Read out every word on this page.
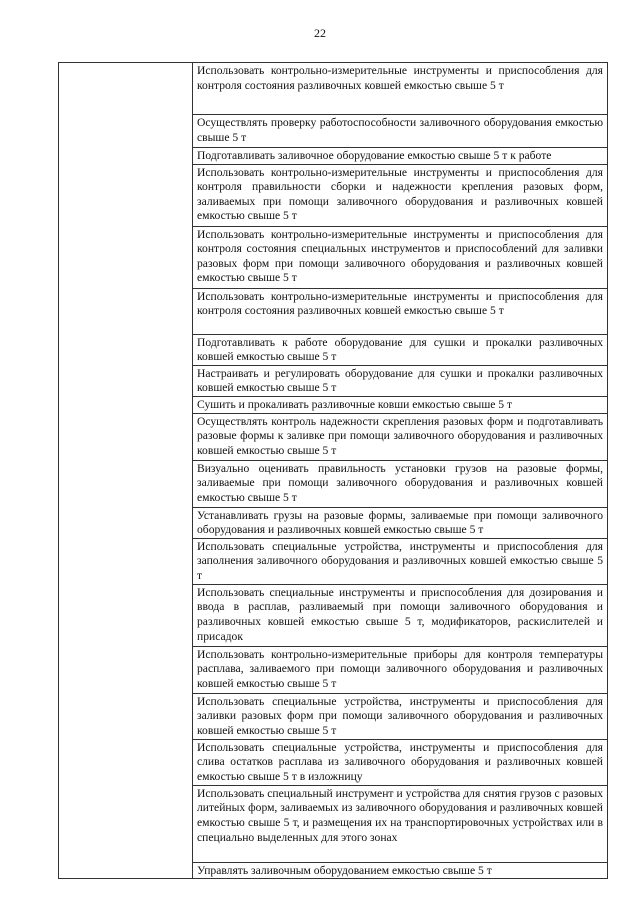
22

Использовать контрольно-измерительные инструменты и приспособления для контроля состояния разливочных ковшей емкостью свыше 5 т

Осуществлять проверку работоспособности заливочного оборудования емкостью свыше 5 т

Подготавливать заливочное оборудование емкостью свыше 5 т к работе

Использовать контрольно-измерительные инструменты и приспособления для контроля правильности сборки и надежности крепления разовых форм, заливаемых при помощи заливочного оборудования и разливочных ковшей емкостью свыше 5 т

Использовать контрольно-измерительные инструменты и приспособления для контроля состояния специальных инструментов и приспособлений для заливки разовых форм при помощи заливочного оборудования и разливочных ковшей емкостью свыше 5 т

Использовать контрольно-измерительные инструменты и приспособления для контроля состояния разливочных ковшей емкостью свыше 5 т

Подготавливать к работе оборудование для сушки и прокалки разливочных ковшей емкостью свыше 5 т

Настраивать и регулировать оборудование для сушки и прокалки разливочных ковшей емкостью свыше 5 т

Сушить и прокаливать разливочные ковши емкостью свыше 5 т

Осуществлять контроль надежности скрепления разовых форм и подготавливать разовые формы к заливке при помощи заливочного оборудования и разливочных ковшей емкостью свыше 5 т

Визуально оценивать правильность установки грузов на разовые формы, заливаемые при помощи заливочного оборудования и разливочных ковшей емкостью свыше 5 т

Устанавливать грузы на разовые формы, заливаемые при помощи заливочного оборудования и разливочных ковшей емкостью свыше 5 т

Использовать специальные устройства, инструменты и приспособления для заполнения заливочного оборудования и разливочных ковшей емкостью свыше 5 т

Использовать специальные инструменты и приспособления для дозирования и ввода в расплав, разливаемый при помощи заливочного оборудования и разливочных ковшей емкостью свыше 5 т, модификаторов, раскислителей и присадок

Использовать контрольно-измерительные приборы для контроля температуры расплава, заливаемого при помощи заливочного оборудования и разливочных ковшей емкостью свыше 5 т

Использовать специальные устройства, инструменты и приспособления для заливки разовых форм при помощи заливочного оборудования и разливочных ковшей емкостью свыше 5 т

Использовать специальные устройства, инструменты и приспособления для слива остатков расплава из заливочного оборудования и разливочных ковшей емкостью свыше 5 т в изложницу

Использовать специальный инструмент и устройства для снятия грузов с разовых литейных форм, заливаемых из заливочного оборудования и разливочных ковшей емкостью свыше 5 т, и размещения их на транспортировочных устройствах или в специально выделенных для этого зонах

Управлять заливочным оборудованием емкостью свыше 5 т
